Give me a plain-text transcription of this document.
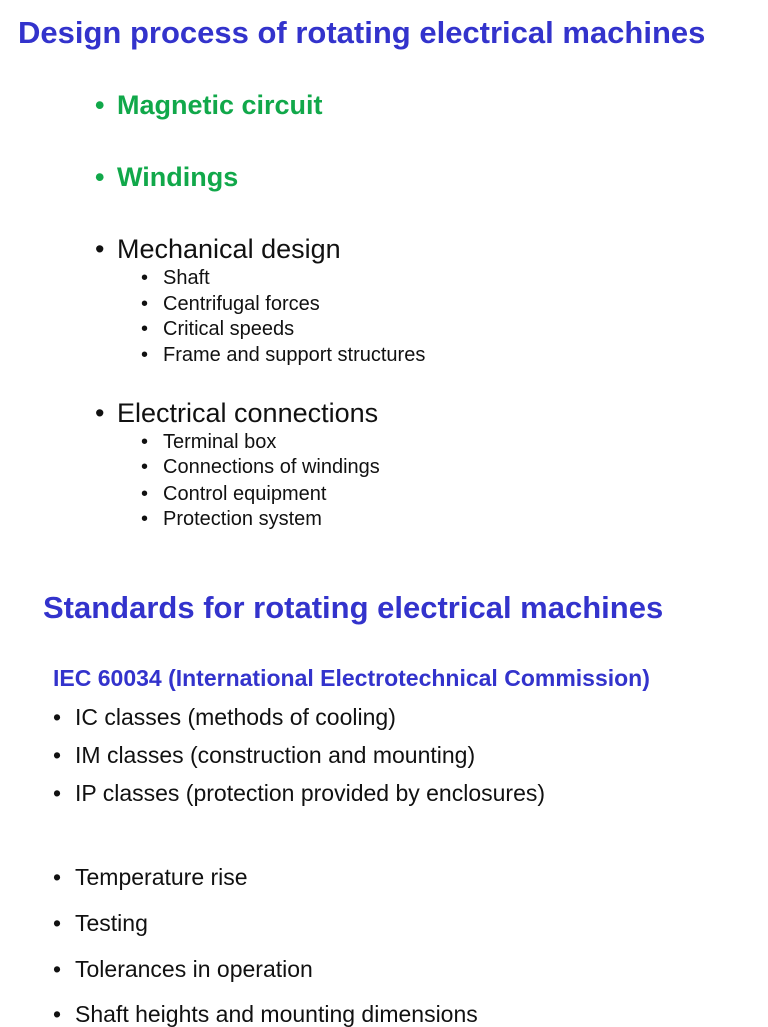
Design process of rotating electrical machines
• Magnetic circuit
• Windings
• Mechanical design
• Shaft
• Centrifugal forces
• Critical speeds
• Frame and support structures
• Electrical connections
• Terminal box
• Connections of windings
• Control equipment
• Protection system
Standards for rotating electrical machines
IEC 60034 (International Electrotechnical Commission)
• IC classes (methods of cooling)
• IM classes (construction and mounting)
• IP classes (protection provided by enclosures)
• Temperature rise
• Testing
• Tolerances in operation
• Shaft heights and mounting dimensions
